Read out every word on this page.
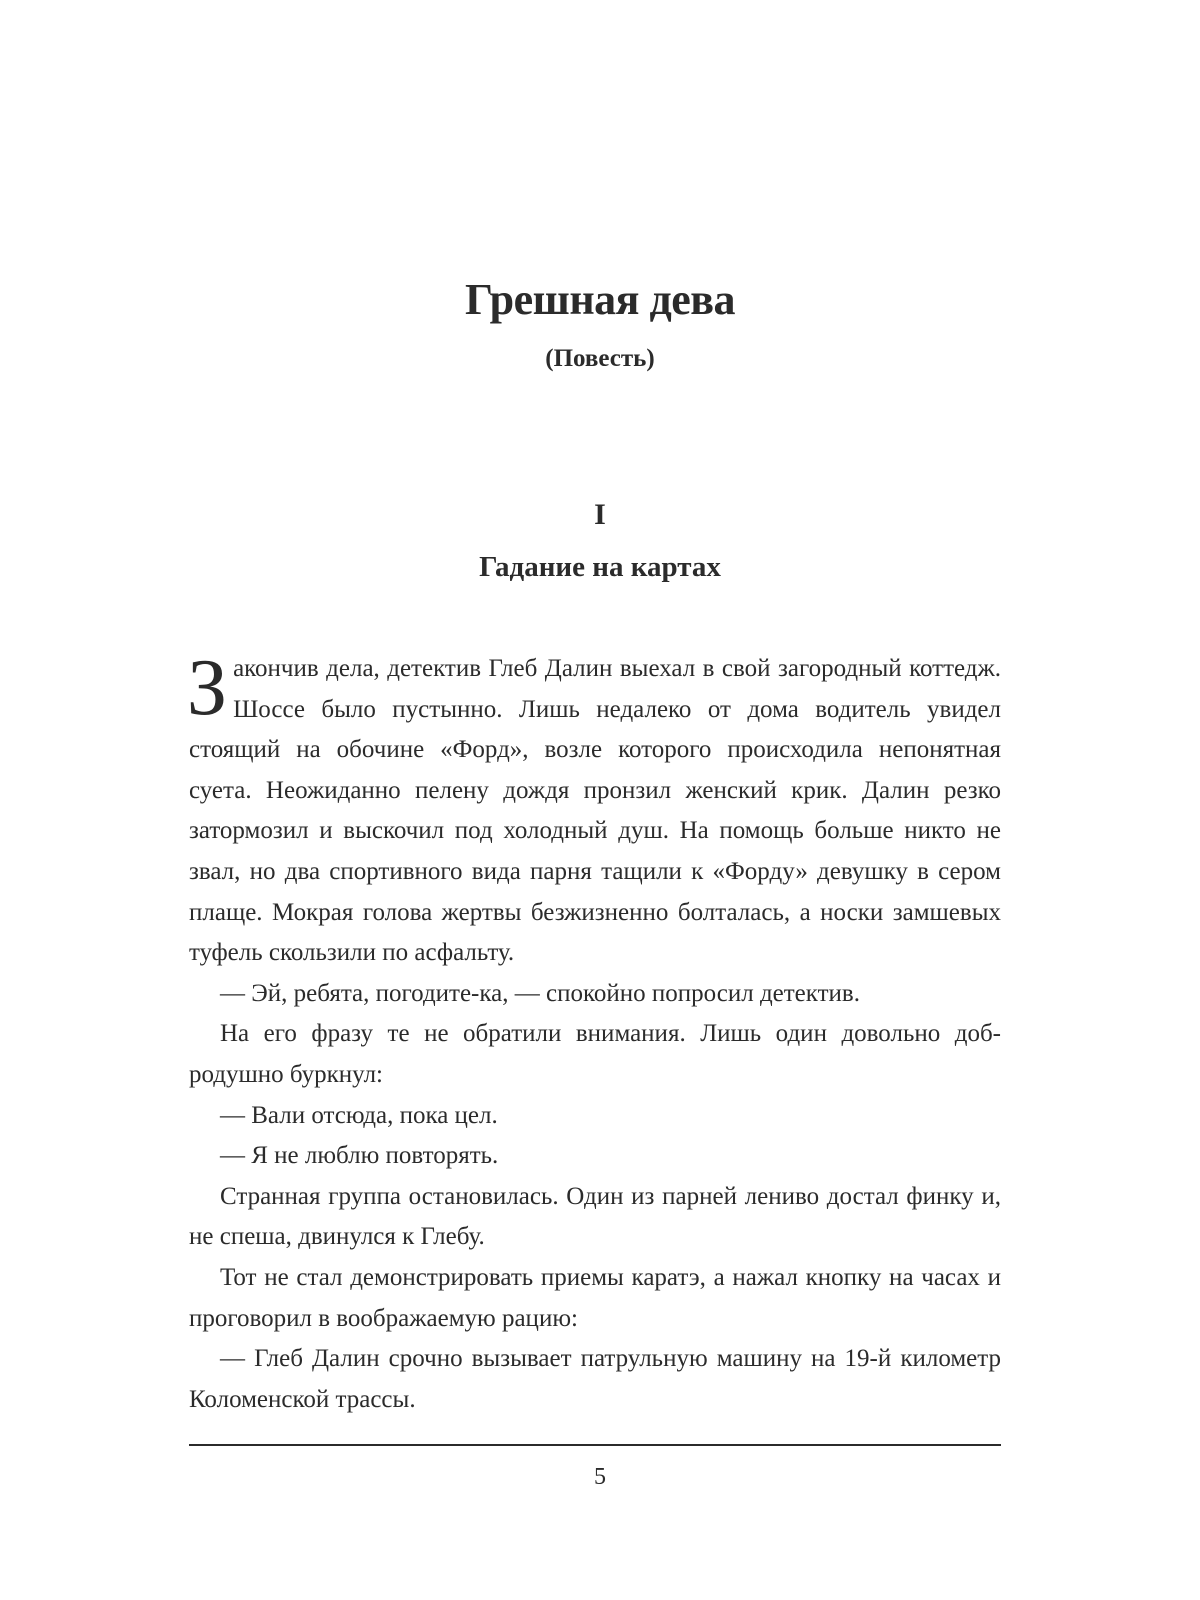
Грешная дева
(Повесть)
I
Гадание на картах

Закончив дела, детектив Глеб Далин выехал в свой загородный коттедж. Шоссе было пустынно. Лишь недалеко от дома водитель увидел стоящий на обочине «Форд», возле которого происходила непонятная суета. Неожиданно пелену дождя пронзил женский крик. Далин резко затормозил и выскочил под холодный душ. На помощь больше никто не звал, но два спортивного вида парня тащили к «Форду» девушку в сером плаще. Мокрая голова жертвы безжизненно болталась, а носки замшевых туфель скользили по асфальту.

— Эй, ребята, погодите-ка, — спокойно попросил детектив.

На его фразу те не обратили внимания. Лишь один довольно добродушно буркнул:

— Вали отсюда, пока цел.

— Я не люблю повторять.

Странная группа остановилась. Один из парней лениво достал финку и, не спеша, двинулся к Глебу.

Тот не стал демонстрировать приемы каратэ, а нажал кнопку на часах и проговорил в воображаемую рацию:

— Глеб Далин срочно вызывает патрульную машину на 19-й километр Коломенской трассы.

5
